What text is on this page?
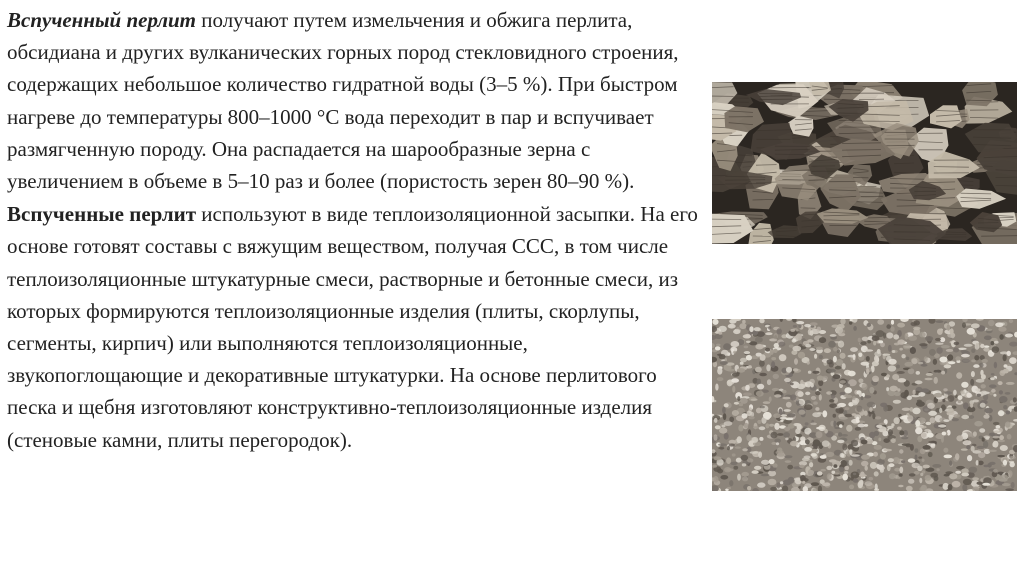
Вспученный перлит получают путем измельчения и обжига перлита, обсидиана и других вулканических горных пород стекловидного строения, содержащих небольшое количество гидратной воды (3–5 %). При быстром нагреве до температуры 800–1000 °С вода переходит в пар и вспучивает размягченную породу. Она распадается на шарообразные зерна с увеличением в объеме в 5–10 раз и более (пористость зерен 80–90 %).

Вспученные перлит используют в виде теплоизоляционной засыпки. На его основе готовят составы с вяжущим веществом, получая ССС, в том числе теплоизоляционные штукатурные смеси, растворные и бетонные смеси, из которых формируются теплоизоляционные изделия (плиты, скорлупы, сегменты, кирпич) или выполняются теплоизоляционные, звукопоглощающие и декоративные штукатурки. На основе перлитового песка и щебня изготовляют конструктивно-теплоизоляционные изделия (стеновые камни, плиты перегородок).
